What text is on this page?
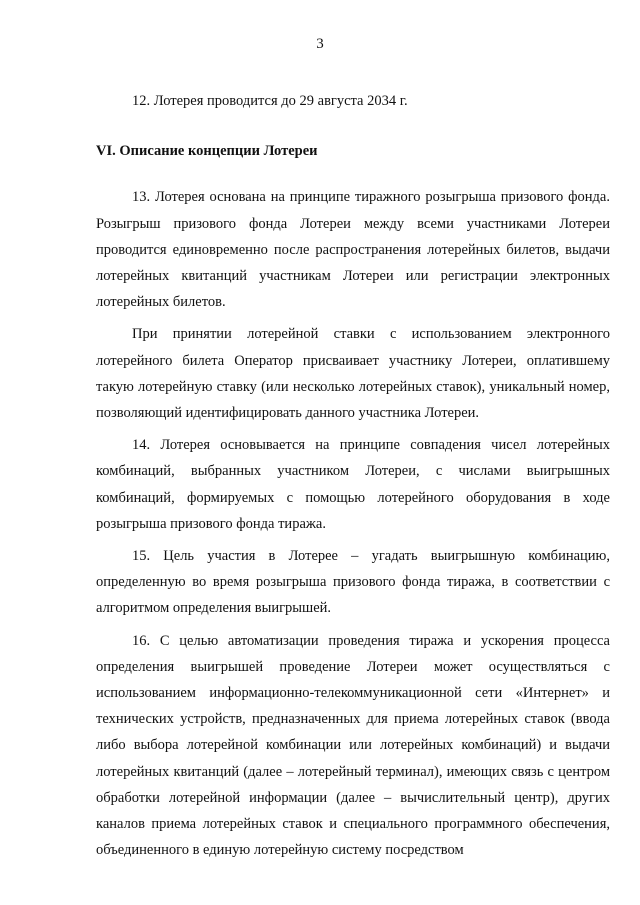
3

12. Лотерея проводится до 29 августа 2034 г.

VI. Описание концепции Лотереи

13. Лотерея основана на принципе тиражного розыгрыша призового фонда. Розыгрыш призового фонда Лотереи между всеми участниками Лотереи проводится единовременно после распространения лотерейных билетов, выдачи лотерейных квитанций участникам Лотереи или регистрации электронных лотерейных билетов.

При принятии лотерейной ставки с использованием электронного лотерейного билета Оператор присваивает участнику Лотереи, оплатившему такую лотерейную ставку (или несколько лотерейных ставок), уникальный номер, позволяющий идентифицировать данного участника Лотереи.

14. Лотерея основывается на принципе совпадения чисел лотерейных комбинаций, выбранных участником Лотереи, с числами выигрышных комбинаций, формируемых с помощью лотерейного оборудования в ходе розыгрыша призового фонда тиража.

15. Цель участия в Лотерее – угадать выигрышную комбинацию, определенную во время розыгрыша призового фонда тиража, в соответствии с алгоритмом определения выигрышей.

16. С целью автоматизации проведения тиража и ускорения процесса определения выигрышей проведение Лотереи может осуществляться с использованием информационно-телекоммуникационной сети «Интернет» и технических устройств, предназначенных для приема лотерейных ставок (ввода либо выбора лотерейной комбинации или лотерейных комбинаций) и выдачи лотерейных квитанций (далее – лотерейный терминал), имеющих связь с центром обработки лотерейной информации (далее – вычислительный центр), других каналов приема лотерейных ставок и специального программного обеспечения, объединенного в единую лотерейную систему посредством
